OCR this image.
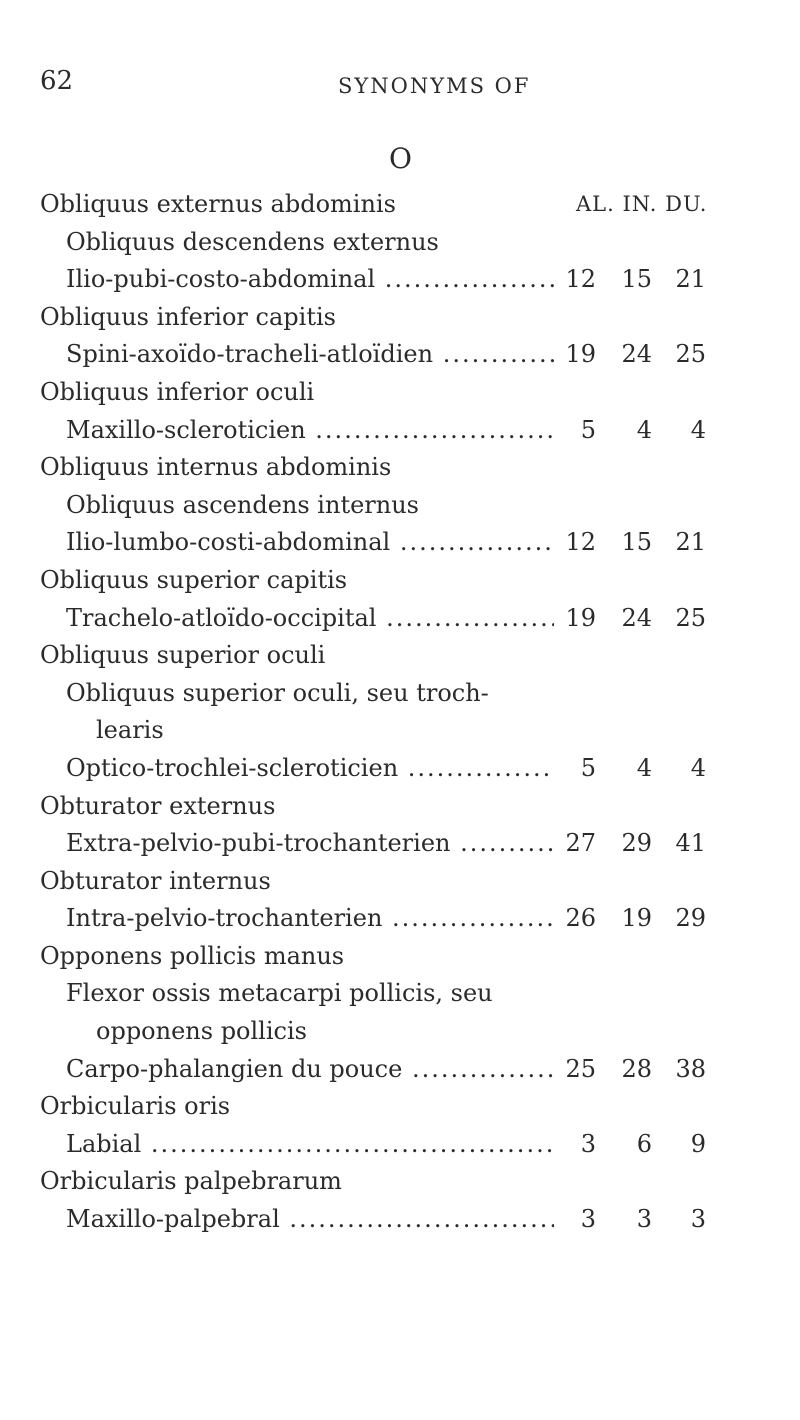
62	SYNONYMS OF
O
Obliquus externus abdominis	AL. IN. DU.
Obliquus descendens externus
Ilio-pubi-costo-abdominal .....	12	15 21
Obliquus inferior capitis
Spini-axoïdo-tracheli-atloïdien .....	19	24 25
Obliquus inferior oculi
Maxillo-scleroticien .....	5	4	4
Obliquus internus abdominis
Obliquus ascendens internus
Ilio-lumbo-costi-abdominal .....	12	15 21
Obliquus superior capitis
Trachelo-atloïdo-occipital .....	19	24 25
Obliquus superior oculi
Obliquus superior oculi, seu troch-
learis
Optico-trochlei-scleroticien .....	5	4	4
Obturator externus
Extra-pelvio-pubi-trochanterien .....	27	29 41
Obturator internus
Intra-pelvio-trochanterien .....	26	19 29
Opponens pollicis manus
Flexor ossis metacarpi pollicis, seu
opponens pollicis
Carpo-phalangien du pouce .....	25	28 38
Orbicularis oris
Labial .....	3	6	9
Orbicularis palpebrarum
Maxillo-palpebral .....	3	3	3
